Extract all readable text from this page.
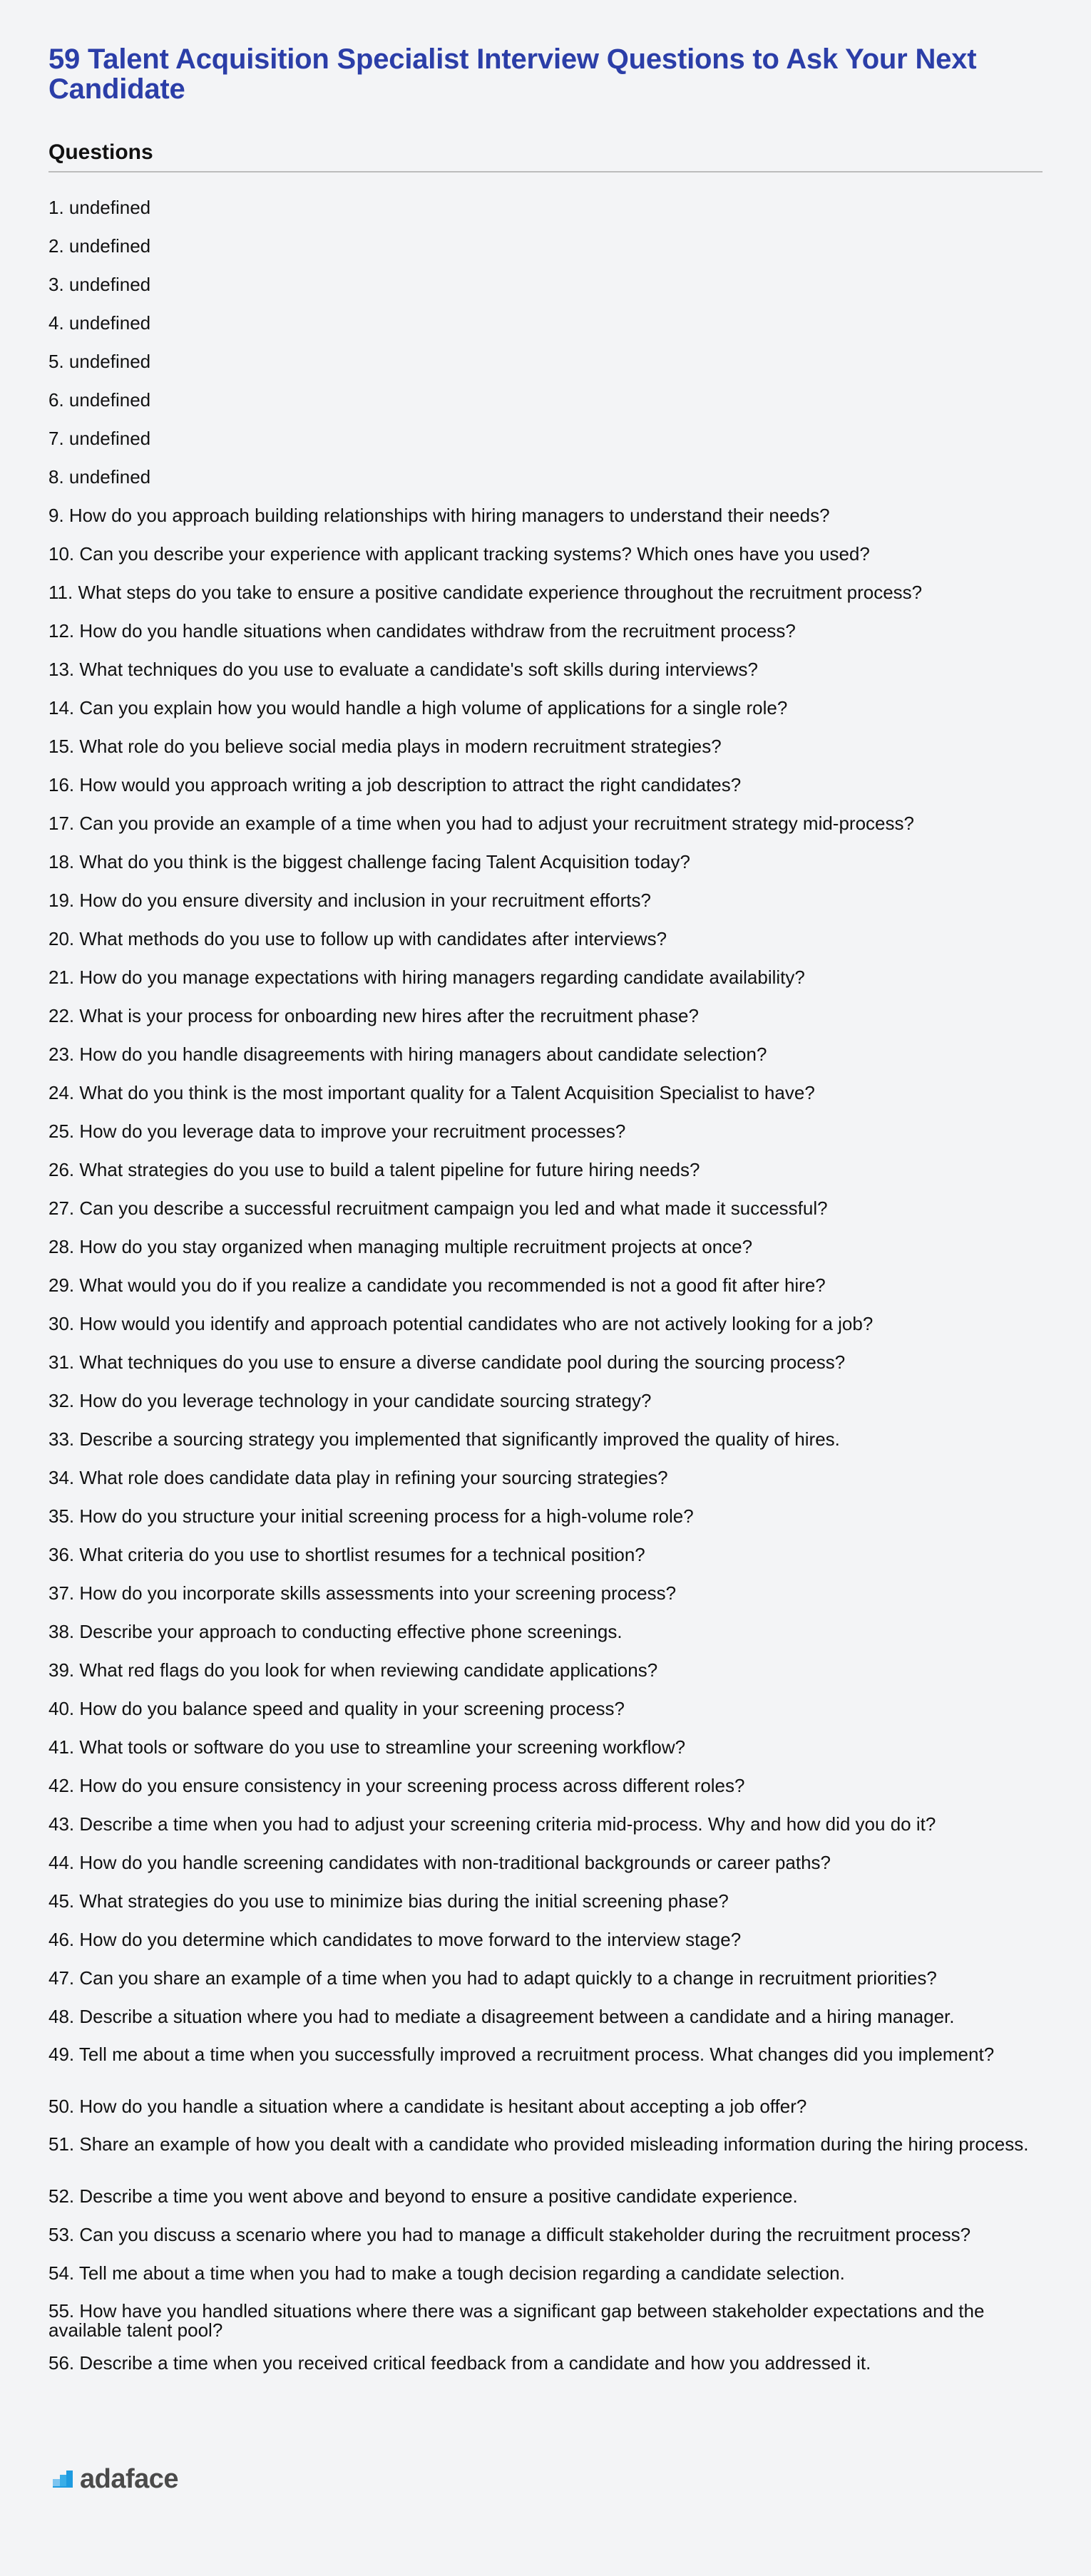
59 Talent Acquisition Specialist Interview Questions to Ask Your Next Candidate
Questions
1. undefined
2. undefined
3. undefined
4. undefined
5. undefined
6. undefined
7. undefined
8. undefined
9. How do you approach building relationships with hiring managers to understand their needs?
10. Can you describe your experience with applicant tracking systems? Which ones have you used?
11. What steps do you take to ensure a positive candidate experience throughout the recruitment process?
12. How do you handle situations when candidates withdraw from the recruitment process?
13. What techniques do you use to evaluate a candidate's soft skills during interviews?
14. Can you explain how you would handle a high volume of applications for a single role?
15. What role do you believe social media plays in modern recruitment strategies?
16. How would you approach writing a job description to attract the right candidates?
17. Can you provide an example of a time when you had to adjust your recruitment strategy mid-process?
18. What do you think is the biggest challenge facing Talent Acquisition today?
19. How do you ensure diversity and inclusion in your recruitment efforts?
20. What methods do you use to follow up with candidates after interviews?
21. How do you manage expectations with hiring managers regarding candidate availability?
22. What is your process for onboarding new hires after the recruitment phase?
23. How do you handle disagreements with hiring managers about candidate selection?
24. What do you think is the most important quality for a Talent Acquisition Specialist to have?
25. How do you leverage data to improve your recruitment processes?
26. What strategies do you use to build a talent pipeline for future hiring needs?
27. Can you describe a successful recruitment campaign you led and what made it successful?
28. How do you stay organized when managing multiple recruitment projects at once?
29. What would you do if you realize a candidate you recommended is not a good fit after hire?
30. How would you identify and approach potential candidates who are not actively looking for a job?
31. What techniques do you use to ensure a diverse candidate pool during the sourcing process?
32. How do you leverage technology in your candidate sourcing strategy?
33. Describe a sourcing strategy you implemented that significantly improved the quality of hires.
34. What role does candidate data play in refining your sourcing strategies?
35. How do you structure your initial screening process for a high-volume role?
36. What criteria do you use to shortlist resumes for a technical position?
37. How do you incorporate skills assessments into your screening process?
38. Describe your approach to conducting effective phone screenings.
39. What red flags do you look for when reviewing candidate applications?
40. How do you balance speed and quality in your screening process?
41. What tools or software do you use to streamline your screening workflow?
42. How do you ensure consistency in your screening process across different roles?
43. Describe a time when you had to adjust your screening criteria mid-process. Why and how did you do it?
44. How do you handle screening candidates with non-traditional backgrounds or career paths?
45. What strategies do you use to minimize bias during the initial screening phase?
46. How do you determine which candidates to move forward to the interview stage?
47. Can you share an example of a time when you had to adapt quickly to a change in recruitment priorities?
48. Describe a situation where you had to mediate a disagreement between a candidate and a hiring manager.
49. Tell me about a time when you successfully improved a recruitment process. What changes did you implement?
50. How do you handle a situation where a candidate is hesitant about accepting a job offer?
51. Share an example of how you dealt with a candidate who provided misleading information during the hiring process.
52. Describe a time you went above and beyond to ensure a positive candidate experience.
53. Can you discuss a scenario where you had to manage a difficult stakeholder during the recruitment process?
54. Tell me about a time when you had to make a tough decision regarding a candidate selection.
55. How have you handled situations where there was a significant gap between stakeholder expectations and the available talent pool?
56. Describe a time when you received critical feedback from a candidate and how you addressed it.
adaface
